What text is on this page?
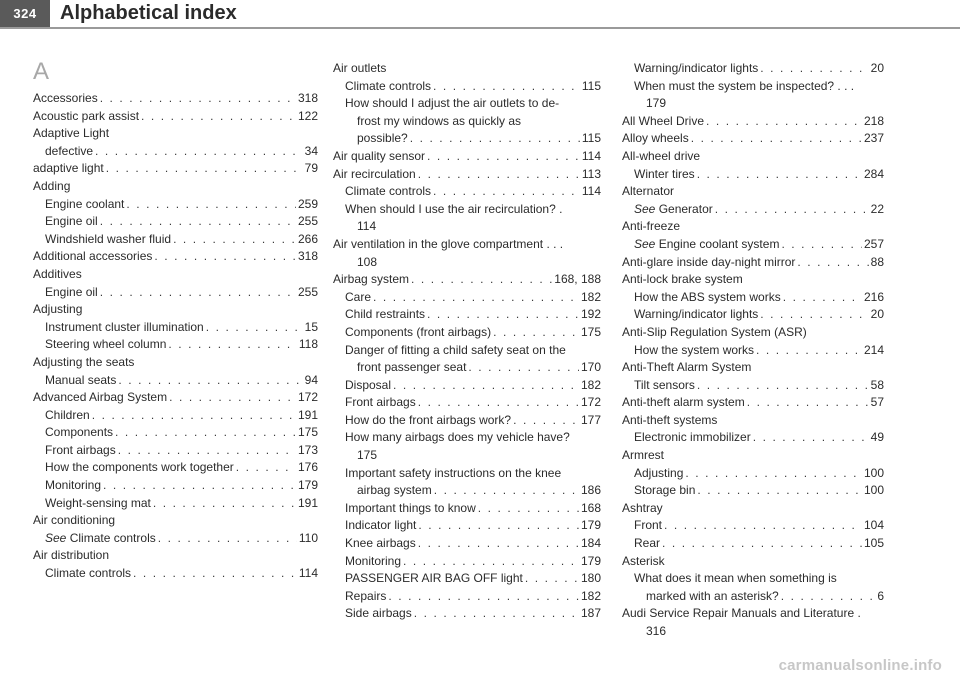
324	Alphabetical index
A
Accessories . . .	318
Acoustic park assist . . .	122
Adaptive Light
defective . . .	34
adaptive light . . .	79
Adding
Engine coolant . . .	259
Engine oil . . .	255
Windshield washer fluid . . .	266
Additional accessories . . .	318
Additives
Engine oil . . .	255
Adjusting
Instrument cluster illumination . . .	15
Steering wheel column . . .	118
Adjusting the seats
Manual seats . . .	94
Advanced Airbag System . . .	172
Children . . .	191
Components . . .	175
Front airbags . . .	173
How the components work together . . .	176
Monitoring . . .	179
Weight-sensing mat . . .	191
Air conditioning
See Climate controls . . .	110
Air distribution
Climate controls . . .	114
Air outlets
Climate controls . . .	115
How should I adjust the air outlets to de-
frost my windows as quickly as
possible? . . .	115
Air quality sensor . . .	114
Air recirculation . . .	113
Climate controls . . .	114
When should I use the air recirculation? .
114
Air ventilation in the glove compartment . . .
108
Airbag system . . .	168, 188
Care . . .	182
Child restraints . . .	192
Components (front airbags) . . .	175
Danger of fitting a child safety seat on the
front passenger seat . . .	170
Disposal . . .	182
Front airbags . . .	172
How do the front airbags work? . . .	177
How many airbags does my vehicle have?
175
Important safety instructions on the knee
airbag system . . .	186
Important things to know . . .	168
Indicator light . . .	179
Knee airbags . . .	184
Monitoring . . .	179
PASSENGER AIR BAG OFF light . . .	180
Repairs . . .	182
Side airbags . . .	187
Warning/indicator lights . . .	20
When must the system be inspected? . . .
179
All Wheel Drive . . .	218
Alloy wheels . . .	237
All-wheel drive
Winter tires . . .	284
Alternator
See Generator . . .	22
Anti-freeze
See Engine coolant system . . .	257
Anti-glare inside day-night mirror . . .	88
Anti-lock brake system
How the ABS system works . . .	216
Warning/indicator lights . . .	20
Anti-Slip Regulation System (ASR)
How the system works . . .	214
Anti-Theft Alarm System
Tilt sensors . . .	58
Anti-theft alarm system . . .	57
Anti-theft systems
Electronic immobilizer . . .	49
Armrest
Adjusting . . .	100
Storage bin . . .	100
Ashtray
Front . . .	104
Rear . . .	105
Asterisk
What does it mean when something is
marked with an asterisk? . . .	6
Audi Service Repair Manuals and Literature .
316
carmanualsonline.info
